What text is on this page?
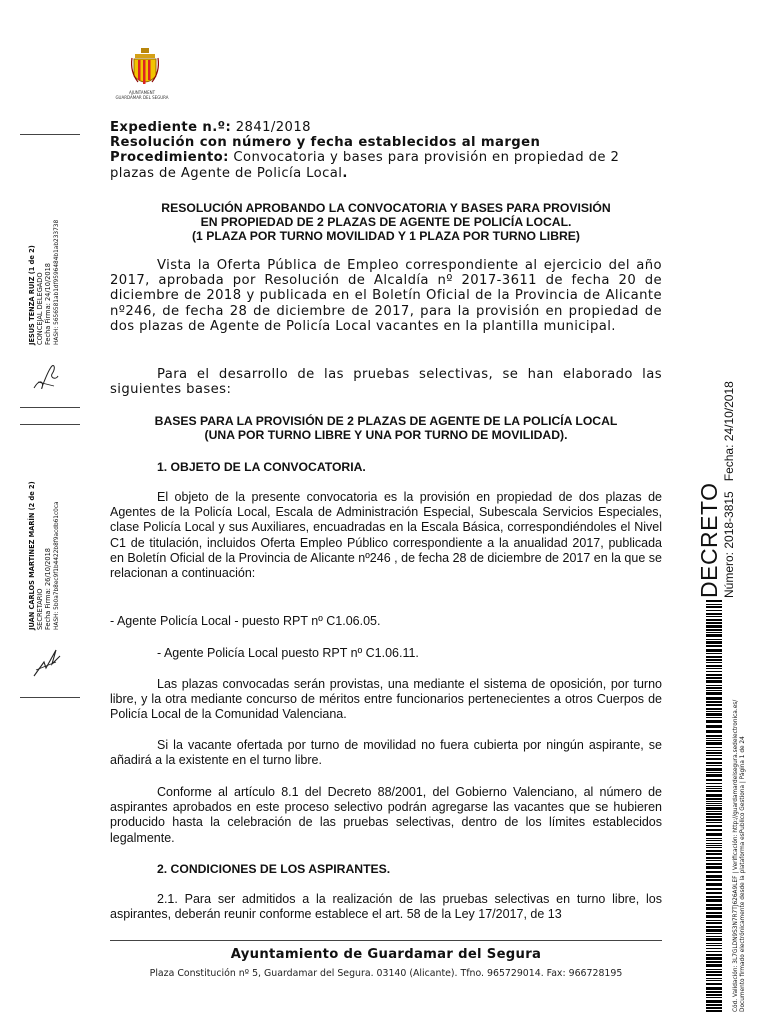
AJUNTAMENT
GUARDAMAR DEL SEGURA
Expediente n.º: 2841/2018
Resolución con número y fecha establecidos al margen
Procedimiento: Convocatoria y bases para provisión en propiedad de 2 plazas de Agente de Policía Local.
RESOLUCIÓN APROBANDO LA CONVOCATORIA Y BASES PARA PROVISIÓN
EN PROPIEDAD DE 2 PLAZAS DE AGENTE DE POLICÍA LOCAL.
(1 PLAZA POR TURNO MOVILIDAD Y 1 PLAZA POR TURNO LIBRE)
Vista la Oferta Pública de Empleo correspondiente al ejercicio del año 2017, aprobada por Resolución de Alcaldía nº 2017-3611 de fecha 20 de diciembre de 2018 y publicada en el Boletín Oficial de la Provincia de Alicante nº246, de fecha 28 de diciembre de 2017, para la provisión en propiedad de dos plazas de Agente de Policía Local vacantes en la plantilla municipal.
Para el desarrollo de las pruebas selectivas, se han elaborado las siguientes bases:
BASES PARA LA PROVISIÓN DE 2 PLAZAS DE AGENTE DE LA POLICÍA LOCAL
(UNA POR TURNO LIBRE Y UNA POR TURNO DE MOVILIDAD).
1. OBJETO DE LA CONVOCATORIA.
El objeto de la presente convocatoria es la provisión en propiedad de dos plazas de Agentes de la Policía Local, Escala de Administración Especial, Subescala Servicios Especiales, clase Policía Local y sus Auxiliares, encuadradas en la Escala Básica, correspondiéndoles el Nivel C1 de titulación, incluidos Oferta Empleo Público correspondiente a la anualidad 2017, publicada en Boletín Oficial de la Provincia de Alicante nº246 , de fecha 28 de diciembre de 2017 en la que se relacionan a continuación:
- Agente Policía Local - puesto RPT nº C1.06.05.
- Agente Policía Local puesto RPT nº C1.06.11.
Las plazas convocadas serán provistas, una mediante el sistema de oposición, por turno libre, y la otra mediante concurso de méritos entre funcionarios pertenecientes a otros Cuerpos de Policía Local de la Comunidad Valenciana.
Si la vacante ofertada por turno de movilidad no fuera cubierta por ningún aspirante, se añadirá a la existente en el turno libre.
Conforme al artículo 8.1 del Decreto 88/2001, del Gobierno Valenciano, al número de aspirantes aprobados en este proceso selectivo podrán agregarse las vacantes que se hubieren producido hasta la celebración de las pruebas selectivas, dentro de los límites establecidos legalmente.
2. CONDICIONES DE LOS ASPIRANTES.
2.1. Para ser admitidos a la realización de las pruebas selectivas en turno libre, los aspirantes, deberán reunir conforme establece el art. 58 de la Ley 17/2017, de 13
Ayuntamiento de Guardamar del Segura
Plaza Constitución nº 5, Guardamar del Segura. 03140 (Alicante). Tfno. 965729014. Fax: 966728195
JESUS TENZA RUIZ (1 de 2) CONCEJAL DELEGADO Fecha Firma: 24/10/2018 HASH: 5656581ab1df9596484b1ab233738
JUAN CARLOS MARTINEZ MARÍN (2 de 2) SECRETARIO Fecha Firma: 26/10/2018 HASH: 5b0a7b8ec9f1b4422b8f9acdb61c0ca	DECRETO Número: 2018-3815   Fecha: 24/10/2018
Cód. Validación: 3L7GLDN9S3N7R7TJ626A9LEF | Verificación: http://guardamardelsegura.sedelectronica.es/ Documento firmado electrónicamente desde la plataforma esPublico Gestiona | Página 1 de 24
